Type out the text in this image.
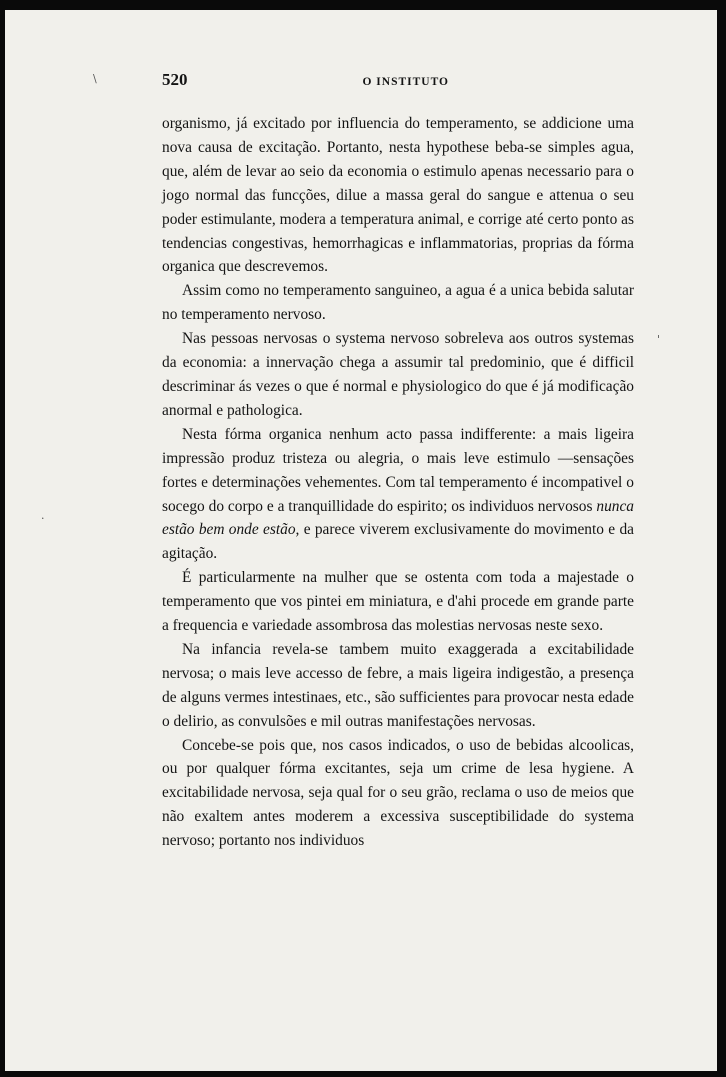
\
·
'
520	O INSTITUTO

organismo, já excitado por influencia do temperamento, se addicione uma nova causa de excitação. Portanto, nesta hypothese beba-se simples agua, que, além de levar ao seio da economia o estimulo apenas necessario para o jogo normal das funcções, dilue a massa geral do sangue e attenua o seu poder estimulante, modera a temperatura animal, e corrige até certo ponto as tendencias congestivas, hemorrhagicas e inflammatorias, proprias da fórma organica que descrevemos.

Assim como no temperamento sanguineo, a agua é a unica bebida salutar no temperamento nervoso.

Nas pessoas nervosas o systema nervoso sobreleva aos outros systemas da economia: a innervação chega a assumir tal predominio, que é difficil descriminar ás vezes o que é normal e physiologico do que é já modificação anormal e pathologica.

Nesta fórma organica nenhum acto passa indifferente: a mais ligeira impressão produz tristeza ou alegria, o mais leve estimulo —sensações fortes e determinações vehementes. Com tal temperamento é incompativel o socego do corpo e a tranquillidade do espirito; os individuos nervosos nunca estão bem onde estão, e parece viverem exclusivamente do movimento e da agitação.

É particularmente na mulher que se ostenta com toda a majestade o temperamento que vos pintei em miniatura, e d'ahi procede em grande parte a frequencia e variedade assombrosa das molestias nervosas neste sexo.

Na infancia revela-se tambem muito exaggerada a excitabilidade nervosa; o mais leve accesso de febre, a mais ligeira indigestão, a presença de alguns vermes intestinaes, etc., são sufficientes para provocar nesta edade o delirio, as convulsões e mil outras manifestações nervosas.

Concebe-se pois que, nos casos indicados, o uso de bebidas alcoolicas, ou por qualquer fórma excitantes, seja um crime de lesa hygiene. A excitabilidade nervosa, seja qual for o seu grão, reclama o uso de meios que não exaltem antes moderem a excessiva susceptibilidade do systema nervoso; portanto nos individuos
